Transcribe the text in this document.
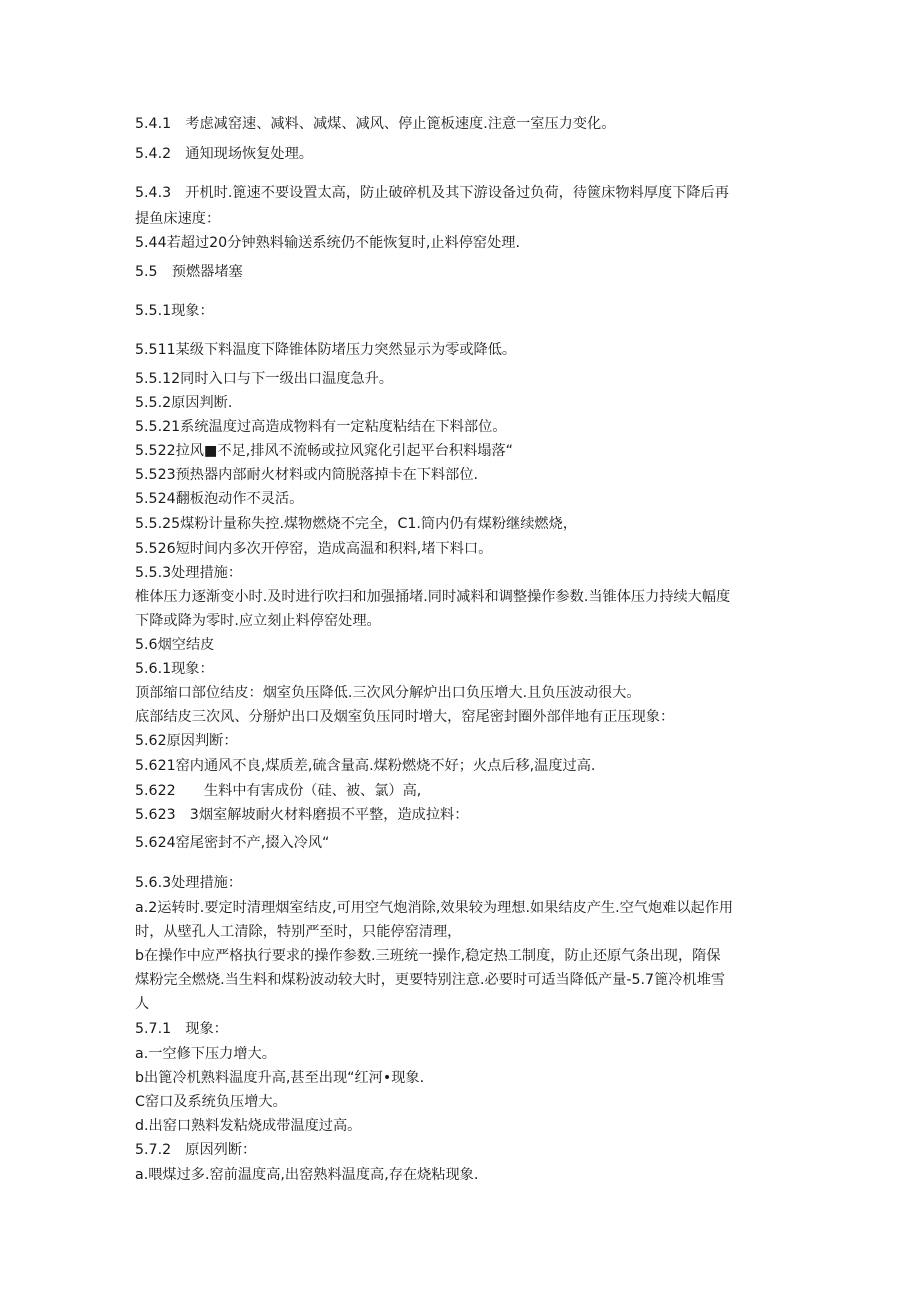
5.4.1　考虑减窑速、减料、减煤、减风、停止篦板速度.注意一室压力变化。
5.4.2　通知现场恢复处理。
5.4.3　开机时.篦速不要设置太高，防止破碎机及其下游设备过负荷，待篋床物料厚度下降后再
提鱼床速度：
5.44若超过20分钟熟料输送系统仍不能恢复时,止料停窑处理.
5.5　预燃器堵塞
5.5.1现象：
5.511某级下料温度下降锥体防堵压力突然显示为零或降低。
5.5.12同时入口与下一级出口温度急升。
5.5.2原因判断.
5.5.21系统温度过高造成物料有一定粘度粘结在下料部位。
5.522拉风■不足,排风不流畅或拉风窕化引起平台积料塌落“
5.523预热器内部耐火材料或内筒脱落掉卡在下料部位.
5.524翻板泡动作不灵活。
5.5.25煤粉计量称失控.煤物燃烧不完全，C1.筒内仍有煤粉继续燃烧，
5.526短时间内多次开停窑，造成高温和积料,堵下料口。
5.5.3处理措施：
椎体压力逐渐变小时.及时进行吹扫和加强捅堵.同时减料和调整操作参数.当锥体压力持续大幅度
下降或降为零时.应立刻止料停窑处理。
5.6烟空结皮
5.6.1现象：
顶部缩口部位结皮：烟室负压降低.三次风分解炉出口负压增大.且负压波动很大。
底部结皮三次风、分掰炉出口及烟室负压同时增大，窑尾密封圈外部伴地有正压现象：
5.62原因判断：
5.621窑内通风不良,煤质差,硫含量高.煤粉燃烧不好；火点后移,温度过高.
5.622　　生料中有害成份（硅、被、氯）高,
5.623　3烟室解坡耐火材料磨损不平整，造成拉料：
5.624窑尾密封不产,掇入冷风“
5.6.3处理措施：
a.2运转时.要定时清理烟室结皮,可用空气炮消除,效果较为理想.如果结皮产生.空气炮难以起作用
时，从壁孔人工清除，特别严至时，只能停窑清理，
b在操作中应严格执行要求的操作参数.三班统一操作,稳定热工制度，防止还原气条出现，隋保
煤粉完全燃烧.当生料和煤粉波动较大时，更要特别注意.必要时可适当降低产量-5.7篦冷机堆雪
人
5.7.1　现象：
a.一空修下压力增大。
b出篦冷机熟料温度升高,甚至出现“红河•现象.
C窑口及系统负压增大。
d.出窑口熟料发粘烧成带温度过高。
5.7.2　原因列断：
a.喂煤过多.窑前温度高,出窑熟料温度高,存在烧粘现象.
